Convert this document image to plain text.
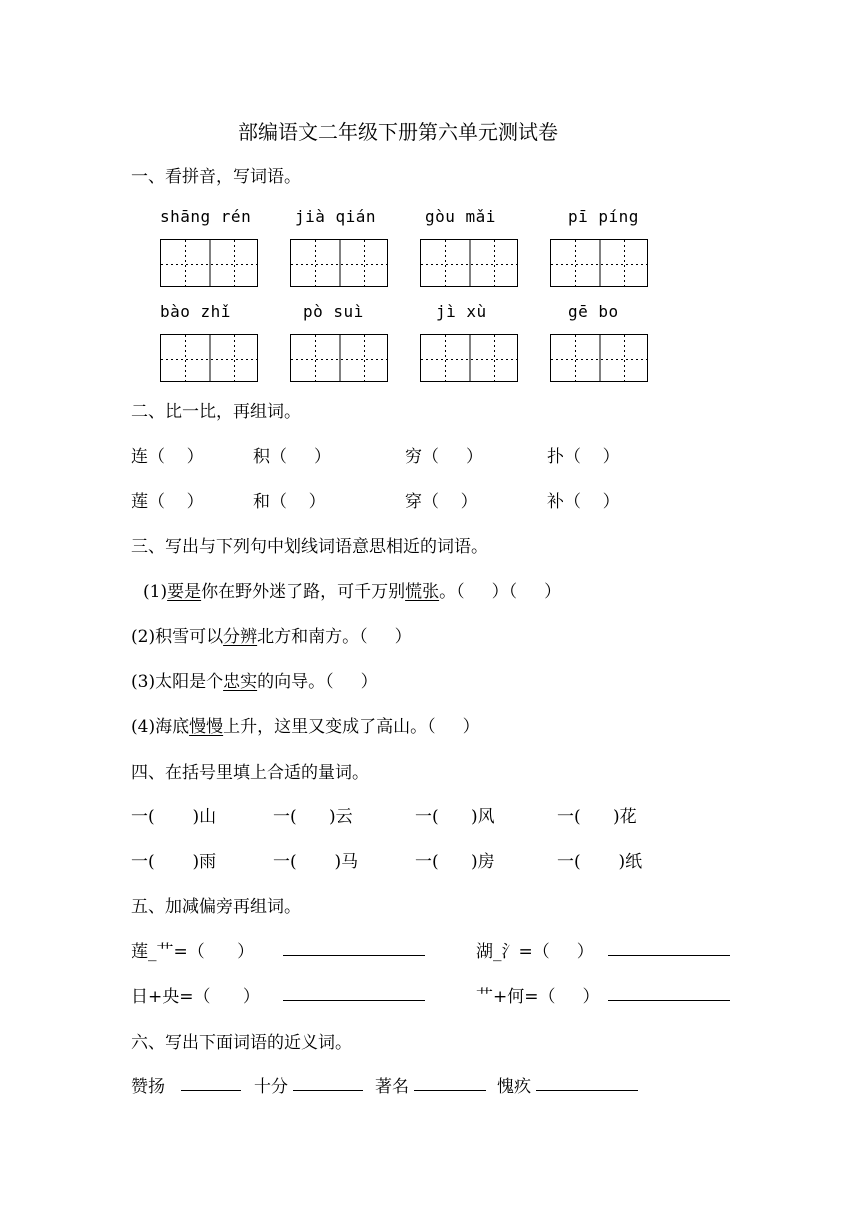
部编语文二年级下册第六单元测试卷
一、看拼音，写词语。
shāng rén	jià qián	gòu mǎi	pī píng
bào zhǐ	pò suì	jì xù	gē bo
二、比一比，再组词。
连（    ）	积（     ）	穷（     ）	扑（    ）
莲（    ）	和（    ）	穿（    ）	补（    ）
三、写出与下列句中划线词语意思相近的词语。
(1)要是你在野外迷了路，可千万别慌张。（     ）（     ）
(2)积雪可以分辨北方和南方。（     ）
(3)太阳是个忠实的向导。（     ）
(4)海底慢慢上升，这里又变成了高山。（     ）
四、在括号里填上合适的量词。
一(       )山	一(      )云	一(      )风	一(      )花
一(       )雨	一(       )马	一(      )房	一(       )纸
五、加减偏旁再组词。
莲_艹=（      ）	湖_氵=（     ）
日+央=（      ）	艹+何=（     ）
六、写出下面词语的近义词。
赞扬	十分	著名	愧疚
